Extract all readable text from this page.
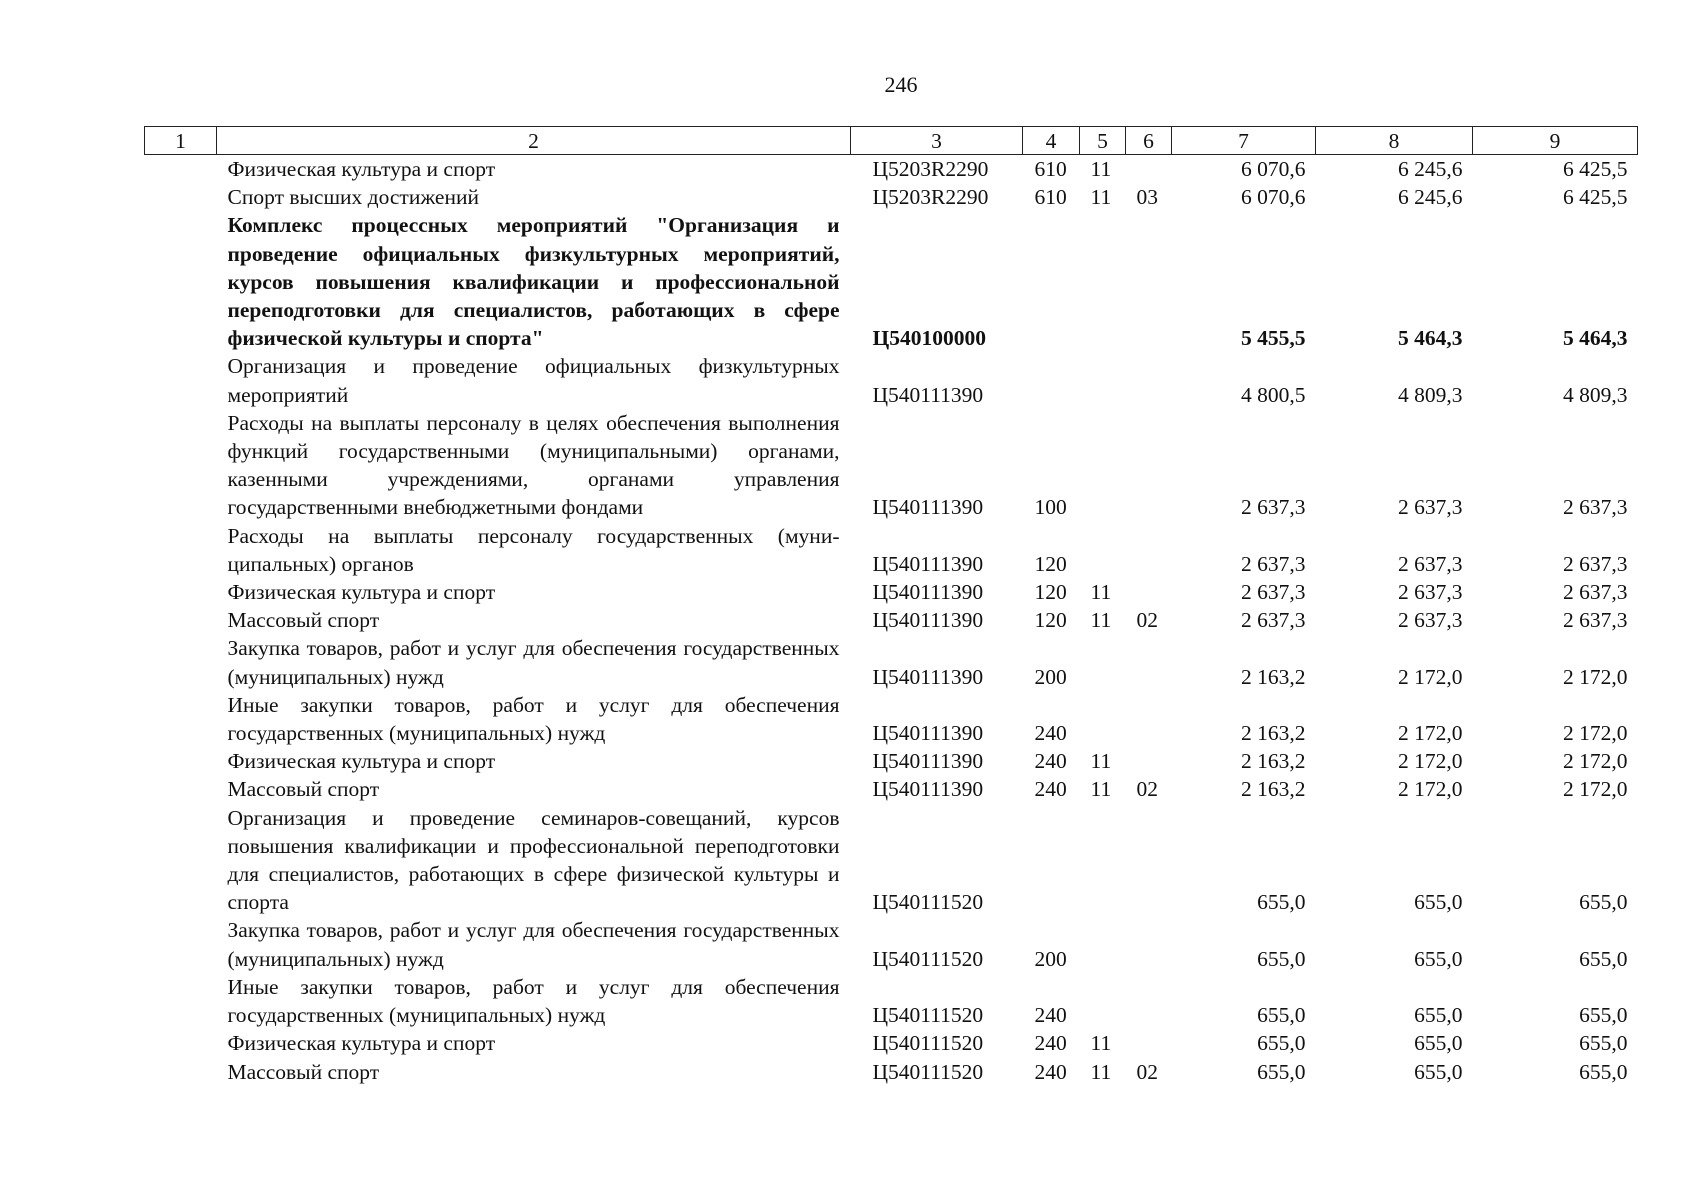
246
1	2	3	4	5	6	7	8	9
	Физическая культура и спорт	Ц5203R2290	610	11		6 070,6	6 245,6	6 425,5
	Спорт высших достижений	Ц5203R2290	610	11	03	6 070,6	6 245,6	6 425,5
	Комплекс процессных мероприятий "Организация и проведение официальных физкультурных мероприятий, курсов повышения квалификации и профессиональной переподготовки для специалистов, работающих в сфере физической культуры и спорта"	Ц540100000				5 455,5	5 464,3	5 464,3
	Организация и проведение официальных физкультурных мероприятий	Ц540111390				4 800,5	4 809,3	4 809,3
	Расходы на выплаты персоналу в целях обеспечения выполнения функций государственными (муниципальными) органами, казенными учреждениями, органами управления государственными внебюджетными фондами	Ц540111390	100			2 637,3	2 637,3	2 637,3
	Расходы на выплаты персоналу государственных (муниципальных) органов	Ц540111390	120			2 637,3	2 637,3	2 637,3
	Физическая культура и спорт	Ц540111390	120	11		2 637,3	2 637,3	2 637,3
	Массовый спорт	Ц540111390	120	11	02	2 637,3	2 637,3	2 637,3
	Закупка товаров, работ и услуг для обеспечения государственных (муниципальных) нужд	Ц540111390	200			2 163,2	2 172,0	2 172,0
	Иные закупки товаров, работ и услуг для обеспечения государственных (муниципальных) нужд	Ц540111390	240			2 163,2	2 172,0	2 172,0
	Физическая культура и спорт	Ц540111390	240	11		2 163,2	2 172,0	2 172,0
	Массовый спорт	Ц540111390	240	11	02	2 163,2	2 172,0	2 172,0
	Организация и проведение семинаров-совещаний, курсов повышения квалификации и профессиональной переподготовки для специалистов, работающих в сфере физической культуры и спорта	Ц540111520				655,0	655,0	655,0
	Закупка товаров, работ и услуг для обеспечения государственных (муниципальных) нужд	Ц540111520	200			655,0	655,0	655,0
	Иные закупки товаров, работ и услуг для обеспечения государственных (муниципальных) нужд	Ц540111520	240			655,0	655,0	655,0
	Физическая культура и спорт	Ц540111520	240	11		655,0	655,0	655,0
	Массовый спорт	Ц540111520	240	11	02	655,0	655,0	655,0
